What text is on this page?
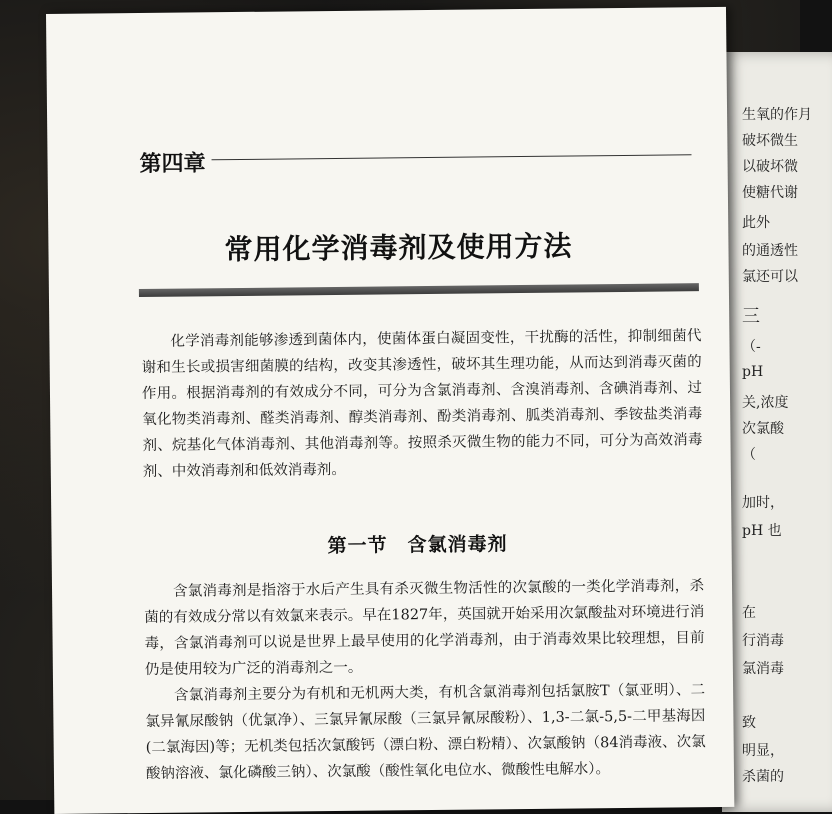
生氧的作月
破坏微生
以破坏微
使糖代谢
此外
的通透性
氯还可以
三
（-
pH
关,浓度
次氯酸
（
加时，
pH 也
在
行消毒
氯消毒
致
明显，
杀菌的
第四章
常用化学消毒剂及使用方法

化学消毒剂能够渗透到菌体内，使菌体蛋白凝固变性，干扰酶的活性，抑制细菌代谢和生长或损害细菌膜的结构，改变其渗透性，破坏其生理功能，从而达到消毒灭菌的作用。根据消毒剂的有效成分不同，可分为含氯消毒剂、含溴消毒剂、含碘消毒剂、过氧化物类消毒剂、醛类消毒剂、醇类消毒剂、酚类消毒剂、胍类消毒剂、季铵盐类消毒剂、烷基化气体消毒剂、其他消毒剂等。按照杀灭微生物的能力不同，可分为高效消毒剂、中效消毒剂和低效消毒剂。

第一节　含氯消毒剂

含氯消毒剂是指溶于水后产生具有杀灭微生物活性的次氯酸的一类化学消毒剂，杀菌的有效成分常以有效氯来表示。早在1827年，英国就开始采用次氯酸盐对环境进行消毒，含氯消毒剂可以说是世界上最早使用的化学消毒剂，由于消毒效果比较理想，目前仍是使用较为广泛的消毒剂之一。

含氯消毒剂主要分为有机和无机两大类，有机含氯消毒剂包括氯胺T（氯亚明）、二氯异氰尿酸钠（优氯净）、三氯异氰尿酸（三氯异氰尿酸粉）、1,3-二氯-5,5-二甲基海因(二氯海因)等；无机类包括次氯酸钙（漂白粉、漂白粉精）、次氯酸钠（84消毒液、次氯酸钠溶液、氯化磷酸三钠）、次氯酸（酸性氧化电位水、微酸性电解水）。
